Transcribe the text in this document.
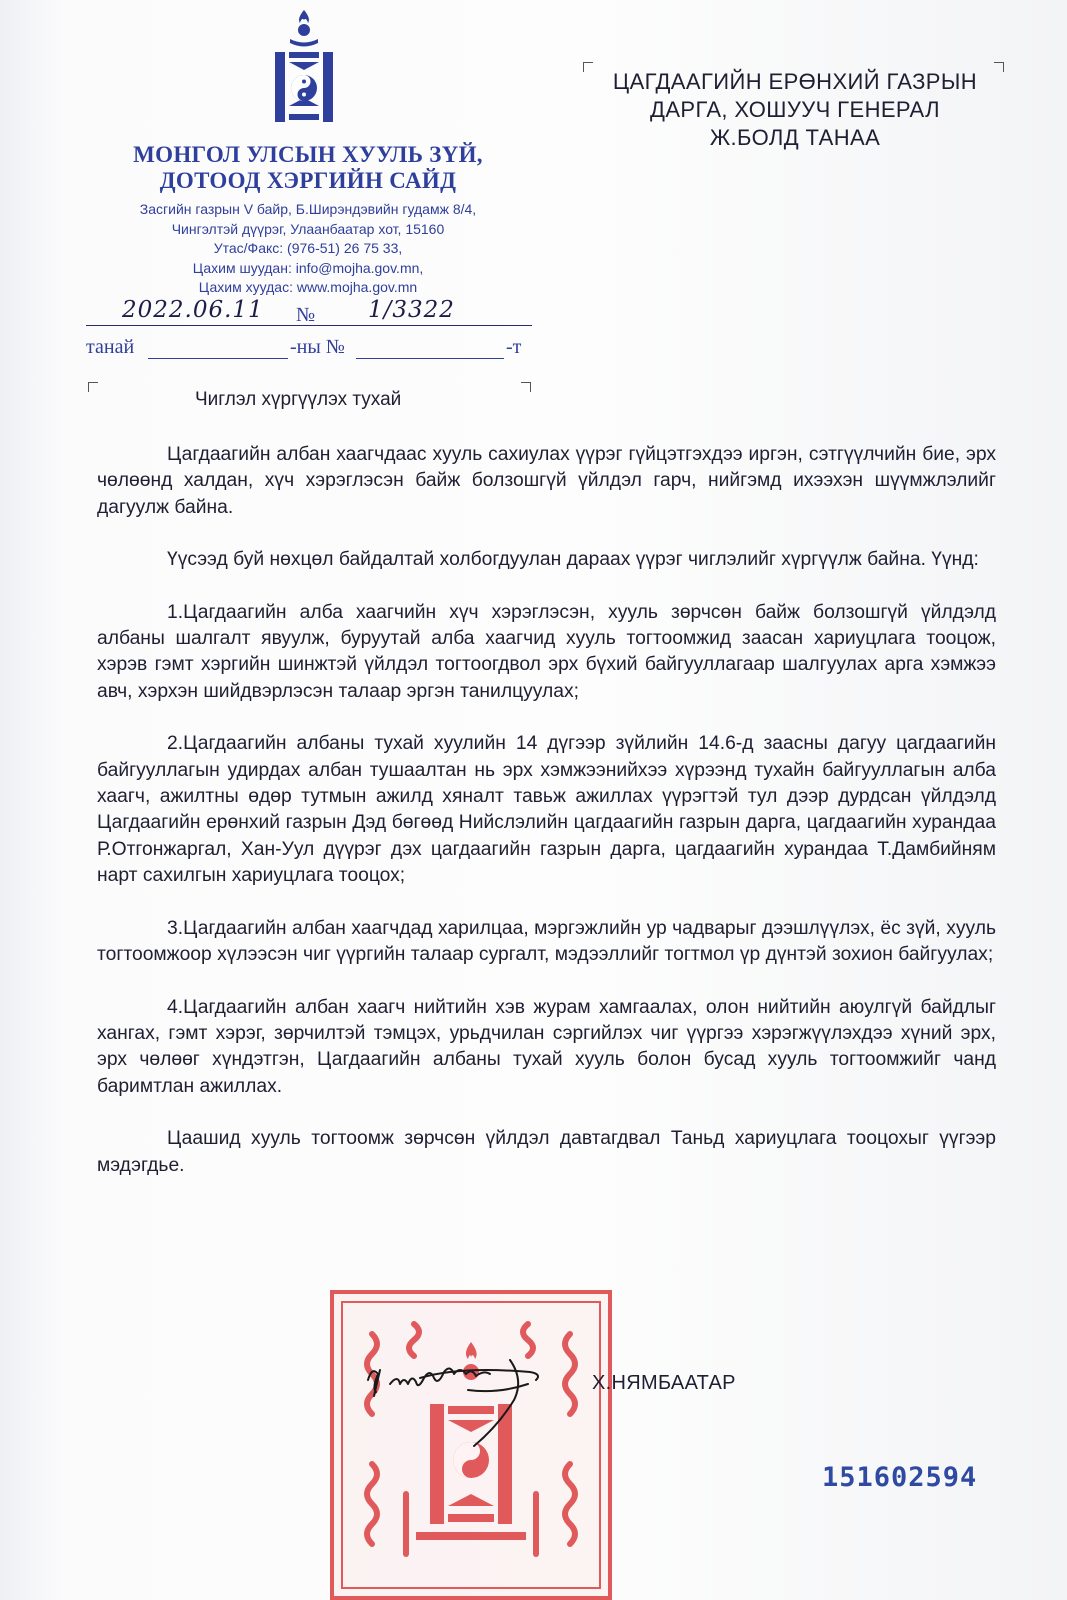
МОНГОЛ УЛСЫН ХУУЛЬ ЗҮЙ,
ДОТООД ХЭРГИЙН САЙД
Засгийн газрын V байр, Б.Ширэндэвийн гудамж 8/4,
Чингэлтэй дүүрэг, Улаанбаатар хот, 15160
Утас/Факс: (976-51) 26 75 33,
Цахим шуудан: info@mojha.gov.mn,
Цахим хуудас: www.mojha.gov.mn
2022.06.11 № 1/3322
танай	-ны №	-т
ЦАГДААГИЙН ЕРӨНХИЙ ГАЗРЫН
ДАРГА, ХОШУУЧ ГЕНЕРАЛ
Ж.БОЛД ТАНАА
Чиглэл хүргүүлэх тухай

Цагдаагийн албан хаагчдаас хууль сахиулах үүрэг гүйцэтгэхдээ иргэн, сэтгүүлчийн бие, эрх чөлөөнд халдан, хүч хэрэглэсэн байж болзошгүй үйлдэл гарч, нийгэмд ихээхэн шүүмжлэлийг дагуулж байна.

Үүсээд буй нөхцөл байдалтай холбогдуулан дараах үүрэг чиглэлийг хүргүүлж байна. Үүнд:

1.Цагдаагийн алба хаагчийн хүч хэрэглэсэн, хууль зөрчсөн байж болзошгүй үйлдэлд албаны шалгалт явуулж, буруутай алба хаагчид хууль тогтоомжид заасан хариуцлага тооцож, хэрэв гэмт хэргийн шинжтэй үйлдэл тогтоогдвол эрх бүхий байгууллагаар шалгуулах арга хэмжээ авч, хэрхэн шийдвэрлэсэн талаар эргэн танилцуулах;

2.Цагдаагийн албаны тухай хуулийн 14 дүгээр зүйлийн 14.6-д заасны дагуу цагдаагийн байгууллагын удирдах албан тушаалтан нь эрх хэмжээнийхээ хүрээнд тухайн байгууллагын алба хаагч, ажилтны өдөр тутмын ажилд хяналт тавьж ажиллах үүрэгтэй тул дээр дурдсан үйлдэлд Цагдаагийн ерөнхий газрын Дэд бөгөөд Нийслэлийн цагдаагийн газрын дарга, цагдаагийн хурандаа Р.Отгонжаргал, Хан-Уул дүүрэг дэх цагдаагийн газрын дарга, цагдаагийн хурандаа Т.Дамбийням нарт сахилгын хариуцлага тооцох;

3.Цагдаагийн албан хаагчдад харилцаа, мэргэжлийн ур чадварыг дээшлүүлэх, ёс зүй, хууль тогтоомжоор хүлээсэн чиг үүргийн талаар сургалт, мэдээллийг тогтмол үр дүнтэй зохион байгуулах;

4.Цагдаагийн албан хаагч нийтийн хэв журам хамгаалах, олон нийтийн аюулгүй байдлыг хангах, гэмт хэрэг, зөрчилтэй тэмцэх, урьдчилан сэргийлэх чиг үүргээ хэрэгжүүлэхдээ хүний эрх, эрх чөлөөг хүндэтгэн, Цагдаагийн албаны тухай хууль болон бусад хууль тогтоомжийг чанд баримтлан ажиллах.

Цаашид хууль тогтоомж зөрчсөн үйлдэл давтагдвал Таньд хариуцлага тооцохыг үүгээр мэдэгдье.

Х.НЯМБААТАР
151602594
